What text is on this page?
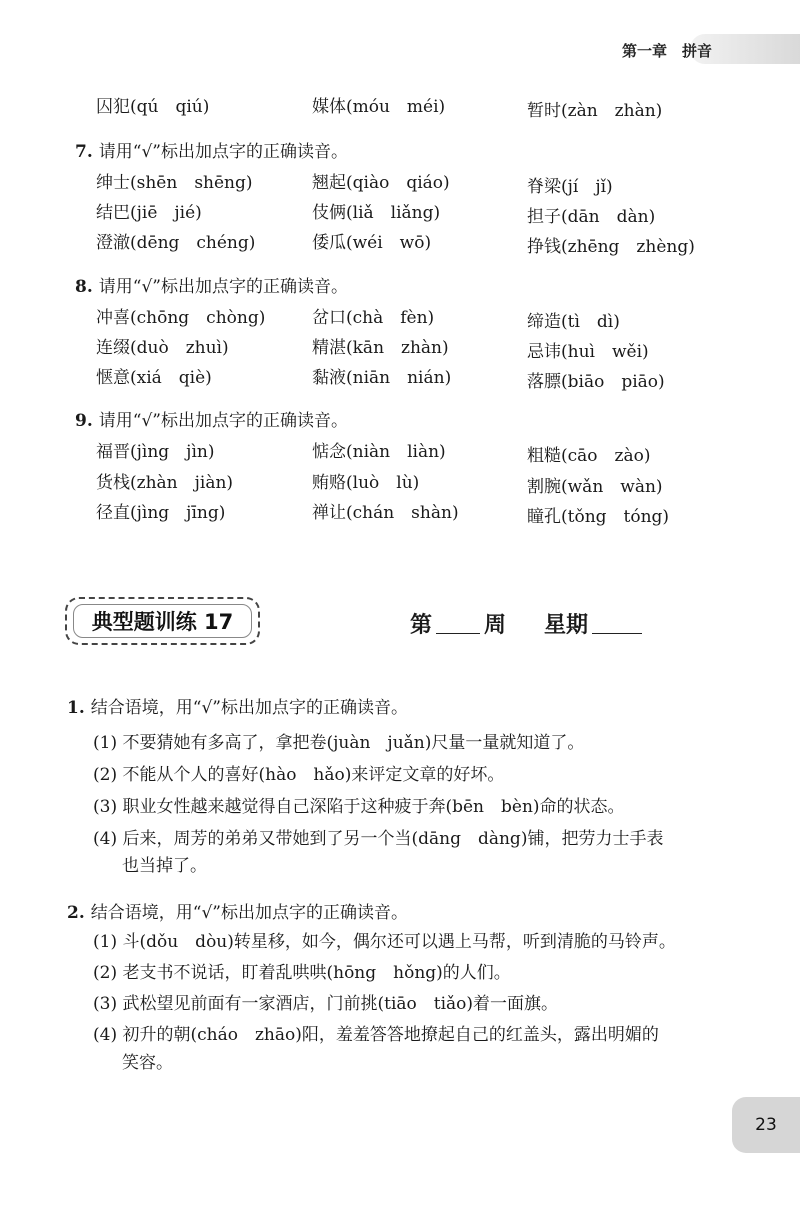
第一章　拼音
囚犯(qú　qiú)	媒体(móu　méi)	暂时(zàn　zhàn)
7. 请用“√”标出加点字的正确读音。
绅士(shēn　shēng)	翘起(qiào　qiáo)	脊梁(jí　jǐ)
结巴(jiē　jié)	伎俩(liǎ　liǎng)	担子(dān　dàn)
澄澈(dēng　chéng)	倭瓜(wéi　wō)	挣钱(zhēng　zhèng)
8. 请用“√”标出加点字的正确读音。
冲喜(chōng　chòng)	岔口(chà　fèn)	缔造(tì　dì)
连缀(duò　zhuì)	精湛(kān　zhàn)	忌讳(huì　wěi)
惬意(xiá　qiè)	黏液(niān　nián)	落膘(biāo　piāo)
9. 请用“√”标出加点字的正确读音。
福晋(jìng　jìn)	惦念(niàn　liàn)	粗糙(cāo　zào)
货栈(zhàn　jiàn)	贿赂(luò　lù)	割腕(wǎn　wàn)
径直(jìng　jīng)	禅让(chán　shàn)	瞳孔(tǒng　tóng)
典型题训练 17	第 周 星期
1. 结合语境，用“√”标出加点字的正确读音。
(1) 不要猜她有多高了，拿把卷(juàn　juǎn)尺量一量就知道了。
(2) 不能从个人的喜好(hào　hǎo)来评定文章的好坏。
(3) 职业女性越来越觉得自己深陷于这种疲于奔(bēn　bèn)命的状态。
(4) 后来，周芳的弟弟又带她到了另一个当(dāng　dàng)铺，把劳力士手表
也当掉了。
2. 结合语境，用“√”标出加点字的正确读音。
(1) 斗(dǒu　dòu)转星移，如今，偶尔还可以遇上马帮，听到清脆的马铃声。
(2) 老支书不说话，盯着乱哄哄(hōng　hǒng)的人们。
(3) 武松望见前面有一家酒店，门前挑(tiāo　tiǎo)着一面旗。
(4) 初升的朝(cháo　zhāo)阳，羞羞答答地撩起自己的红盖头，露出明媚的
笑容。
23
